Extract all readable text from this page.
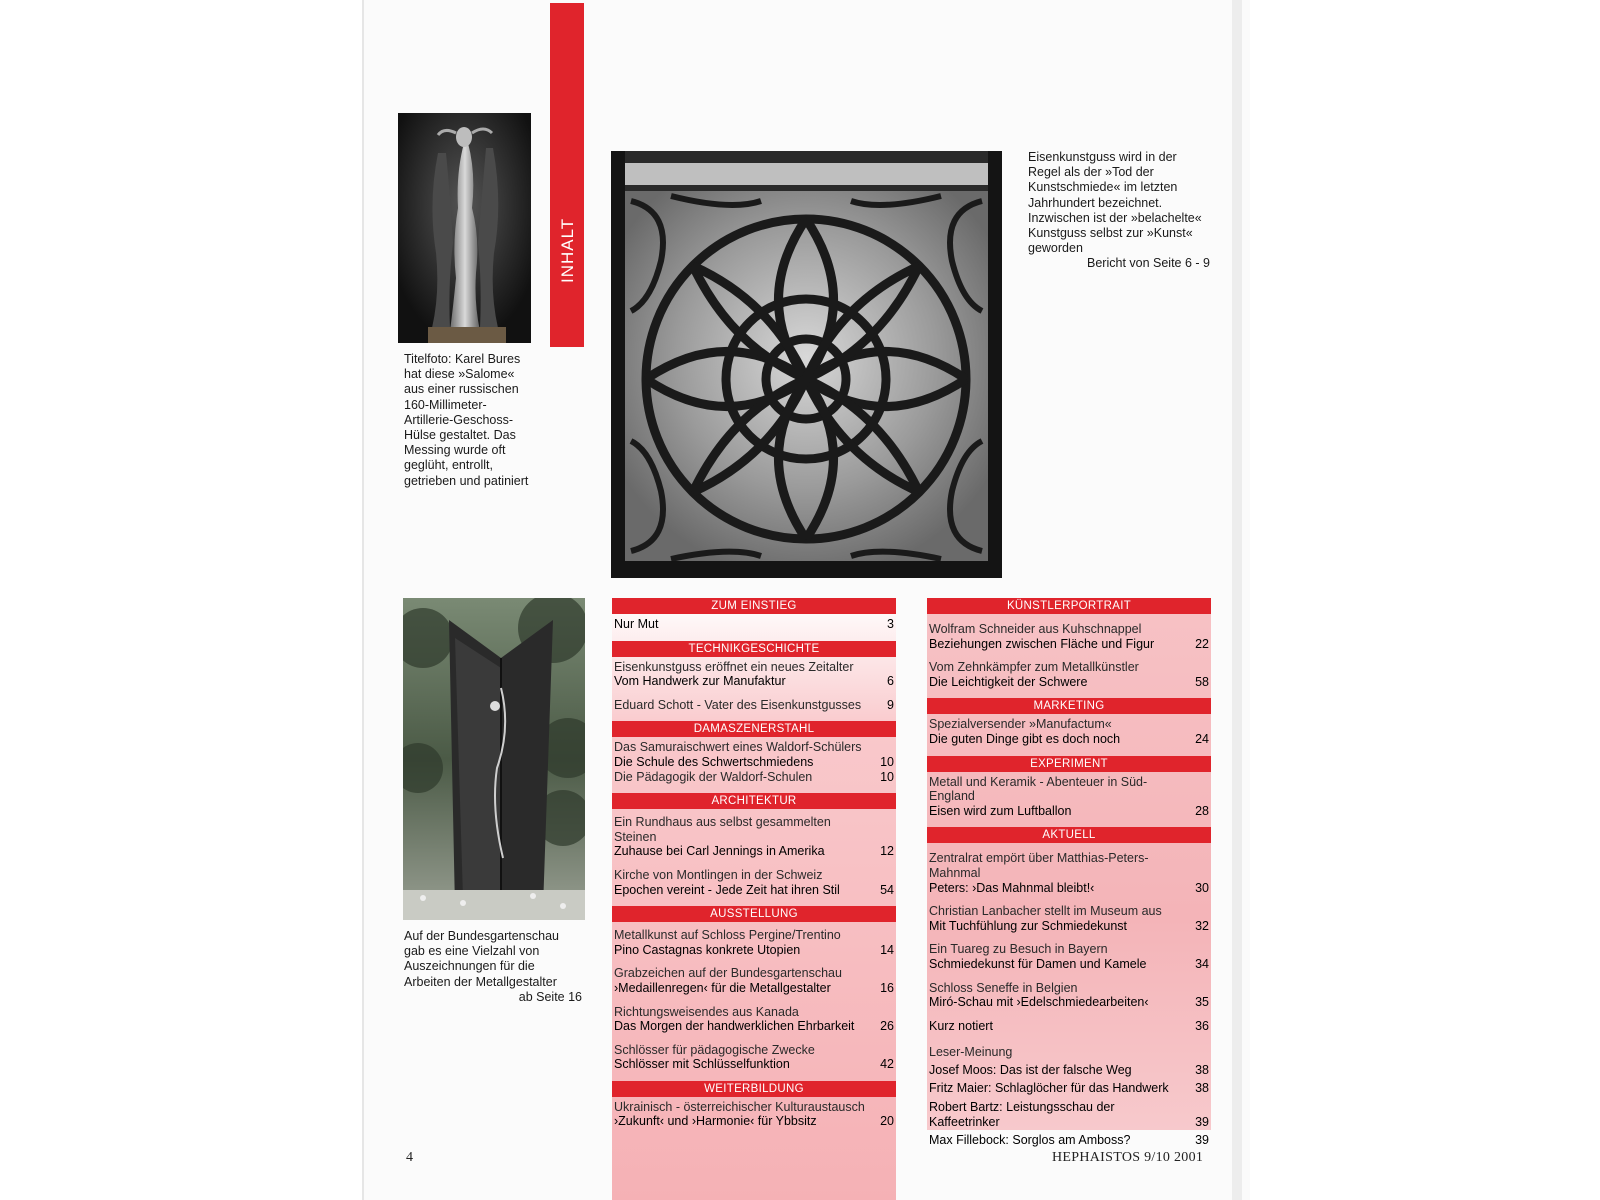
INHALT
Titelfoto: Karel Bures hat diese »Salome« aus einer russischen 160-Millimeter-Artillerie-Geschoss-Hülse gestaltet. Das Messing wurde oft geglüht, entrollt, getrieben und patiniert
Eisenkunstguss wird in der Regel als der »Tod der Kunstschmiede« im letzten Jahrhundert bezeichnet. Inzwischen ist der »belachelte« Kunstguss selbst zur »Kunst« geworden
Bericht von Seite 6 - 9
Auf der Bundesgartenschau gab es eine Vielzahl von Auszeichnungen für die Arbeiten der Metallgestalter
ab Seite 16
ZUM EINSTIEG
Nur Mut	3
TECHNIKGESCHICHTE
Eisenkunstguss eröffnet ein neues Zeitalter
Vom Handwerk zur Manufaktur	6
Eduard Schott - Vater des Eisenkunstgusses	9
DAMASZENERSTAHL
Das Samuraischwert eines Waldorf-Schülers
Die Schule des Schwertschmiedens	10
Die Pädagogik der Waldorf-Schulen	10
ARCHITEKTUR
Ein Rundhaus aus selbst gesammelten Steinen
Zuhause bei Carl Jennings in Amerika	12
Kirche von Montlingen in der Schweiz
Epochen vereint - Jede Zeit hat ihren Stil	54
AUSSTELLUNG
Metallkunst auf Schloss Pergine/Trentino
Pino Castagnas konkrete Utopien	14
Grabzeichen auf der Bundesgartenschau
›Medaillenregen‹ für die Metallgestalter	16
Richtungsweisendes aus Kanada
Das Morgen der handwerklichen Ehrbarkeit	26
Schlösser für pädagogische Zwecke
Schlösser mit Schlüsselfunktion	42
WEITERBILDUNG
Ukrainisch - österreichischer Kulturaustausch
›Zukunft‹ und ›Harmonie‹ für Ybbsitz	20
KÜNSTLERPORTRAIT
Wolfram Schneider aus Kuhschnappel
Beziehungen zwischen Fläche und Figur	22
Vom Zehnkämpfer zum Metallkünstler
Die Leichtigkeit der Schwere	58
MARKETING
Spezialversender »Manufactum«
Die guten Dinge gibt es doch noch	24
EXPERIMENT
Metall und Keramik - Abenteuer in Süd-England
Eisen wird zum Luftballon	28
AKTUELL
Zentralrat empört über Matthias-Peters-Mahnmal
Peters: ›Das Mahnmal bleibt!‹	30
Christian Lanbacher stellt im Museum aus
Mit Tuchfühlung zur Schmiedekunst	32
Ein Tuareg zu Besuch in Bayern
Schmiedekunst für Damen und Kamele	34
Schloss Seneffe in Belgien
Miró-Schau mit ›Edelschmiedearbeiten‹	35
Kurz notiert	36
Leser-Meinung
Josef Moos: Das ist der falsche Weg	38
Fritz Maier: Schlaglöcher für das Handwerk	38
Robert Bartz: Leistungsschau der Kaffeetrinker	39
Max Fillebock: Sorglos am Amboss?	39
4	HEPHAISTOS 9/10 2001
